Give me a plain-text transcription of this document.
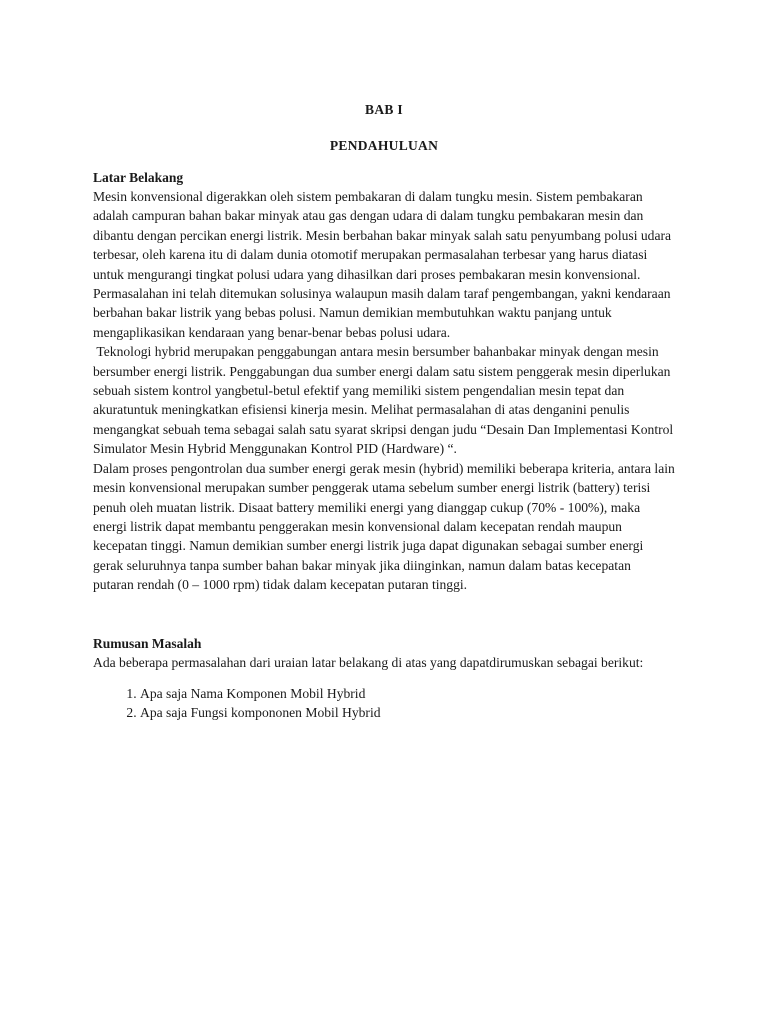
BAB I
PENDAHULUAN
Latar Belakang

Mesin konvensional digerakkan oleh sistem pembakaran di dalam tungku mesin. Sistem pembakaran adalah campuran bahan bakar minyak atau gas dengan udara di dalam tungku pembakaran mesin dan dibantu dengan percikan energi listrik. Mesin berbahan bakar minyak salah satu penyumbang polusi udara terbesar, oleh karena itu di dalam dunia otomotif merupakan permasalahan terbesar yang harus diatasi untuk mengurangi tingkat polusi udara yang dihasilkan dari proses pembakaran mesin konvensional. Permasalahan ini telah ditemukan solusinya walaupun masih dalam taraf pengembangan, yakni kendaraan berbahan bakar listrik yang bebas polusi. Namun demikian membutuhkan waktu panjang untuk mengaplikasikan kendaraan yang benar-benar bebas polusi udara.

Teknologi hybrid merupakan penggabungan antara mesin bersumber bahanbakar minyak dengan mesin bersumber energi listrik. Penggabungan dua sumber energi dalam satu sistem penggerak mesin diperlukan sebuah sistem kontrol yangbetul-betul efektif yang memiliki sistem pengendalian mesin tepat dan akuratuntuk meningkatkan efisiensi kinerja mesin. Melihat permasalahan di atas denganini penulis mengangkat sebuah tema sebagai salah satu syarat skripsi dengan judu “Desain Dan Implementasi Kontrol Simulator Mesin Hybrid Menggunakan Kontrol PID (Hardware) “.

Dalam proses pengontrolan dua sumber energi gerak mesin (hybrid) memiliki beberapa kriteria, antara lain mesin konvensional merupakan sumber penggerak utama sebelum sumber energi listrik (battery) terisi penuh oleh muatan listrik. Disaat battery memiliki energi yang dianggap cukup (70% - 100%), maka energi listrik dapat membantu penggerakan mesin konvensional dalam kecepatan rendah maupun kecepatan tinggi. Namun demikian sumber energi listrik juga dapat digunakan sebagai sumber energi gerak seluruhnya tanpa sumber bahan bakar minyak jika diinginkan, namun dalam batas kecepatan putaran rendah (0 – 1000 rpm) tidak dalam kecepatan putaran tinggi.

Rumusan Masalah

Ada beberapa permasalahan dari uraian latar belakang di atas yang dapatdirumuskan sebagai berikut:

1. Apa saja Nama Komponen Mobil Hybrid
2. Apa saja Fungsi kompononen Mobil Hybrid
